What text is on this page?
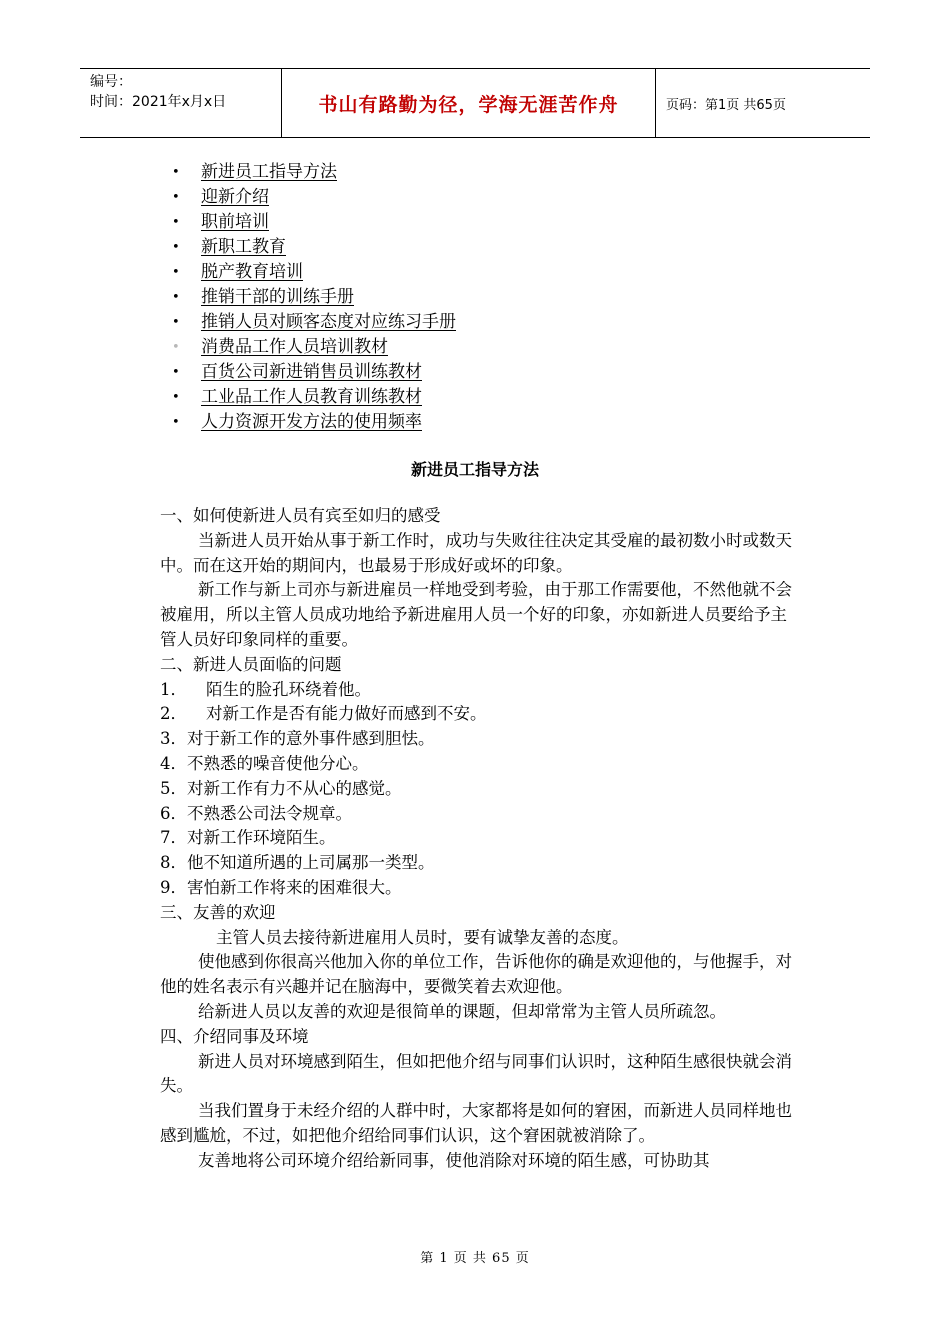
编号：
时间：2021年x月x日	书山有路勤为径，学海无涯苦作舟	页码：第1页 共65页
•	新进员工指导方法
•	迎新介绍
•	职前培训
•	新职工教育
•	脱产教育培训
•	推销干部的训练手册
•	推销人员对顾客态度对应练习手册
•	消费品工作人员培训教材
•	百货公司新进销售员训练教材
•	工业品工作人员教育训练教材
•	人力资源开发方法的使用频率
新进员工指导方法

一、如何使新进人员有宾至如归的感受

当新进人员开始从事于新工作时，成功与失败往往决定其受雇的最初数小时或数天中。而在这开始的期间内，也最易于形成好或坏的印象。

新工作与新上司亦与新进雇员一样地受到考验，由于那工作需要他，不然他就不会被雇用，所以主管人员成功地给予新进雇用人员一个好的印象，亦如新进人员要给予主管人员好印象同样的重要。

二、新进人员面临的问题

1．	陌生的脸孔环绕着他。

2．	对新工作是否有能力做好而感到不安。

3． 对于新工作的意外事件感到胆怯。

4． 不熟悉的噪音使他分心。

5． 对新工作有力不从心的感觉。

6． 不熟悉公司法令规章。

7． 对新工作环境陌生。

8． 他不知道所遇的上司属那一类型。

9． 害怕新工作将来的困难很大。

三、友善的欢迎

主管人员去接待新进雇用人员时，要有诚挚友善的态度。

使他感到你很高兴他加入你的单位工作，告诉他你的确是欢迎他的，与他握手，对他的姓名表示有兴趣并记在脑海中，要微笑着去欢迎他。

给新进人员以友善的欢迎是很简单的课题，但却常常为主管人员所疏忽。

四、介绍同事及环境

新进人员对环境感到陌生，但如把他介绍与同事们认识时，这种陌生感很快就会消失。

当我们置身于未经介绍的人群中时，大家都将是如何的窘困，而新进人员同样地也感到尴尬，不过，如把他介绍给同事们认识，这个窘困就被消除了。

友善地将公司环境介绍给新同事，使他消除对环境的陌生感，可协助其

第 1 页 共 65 页
